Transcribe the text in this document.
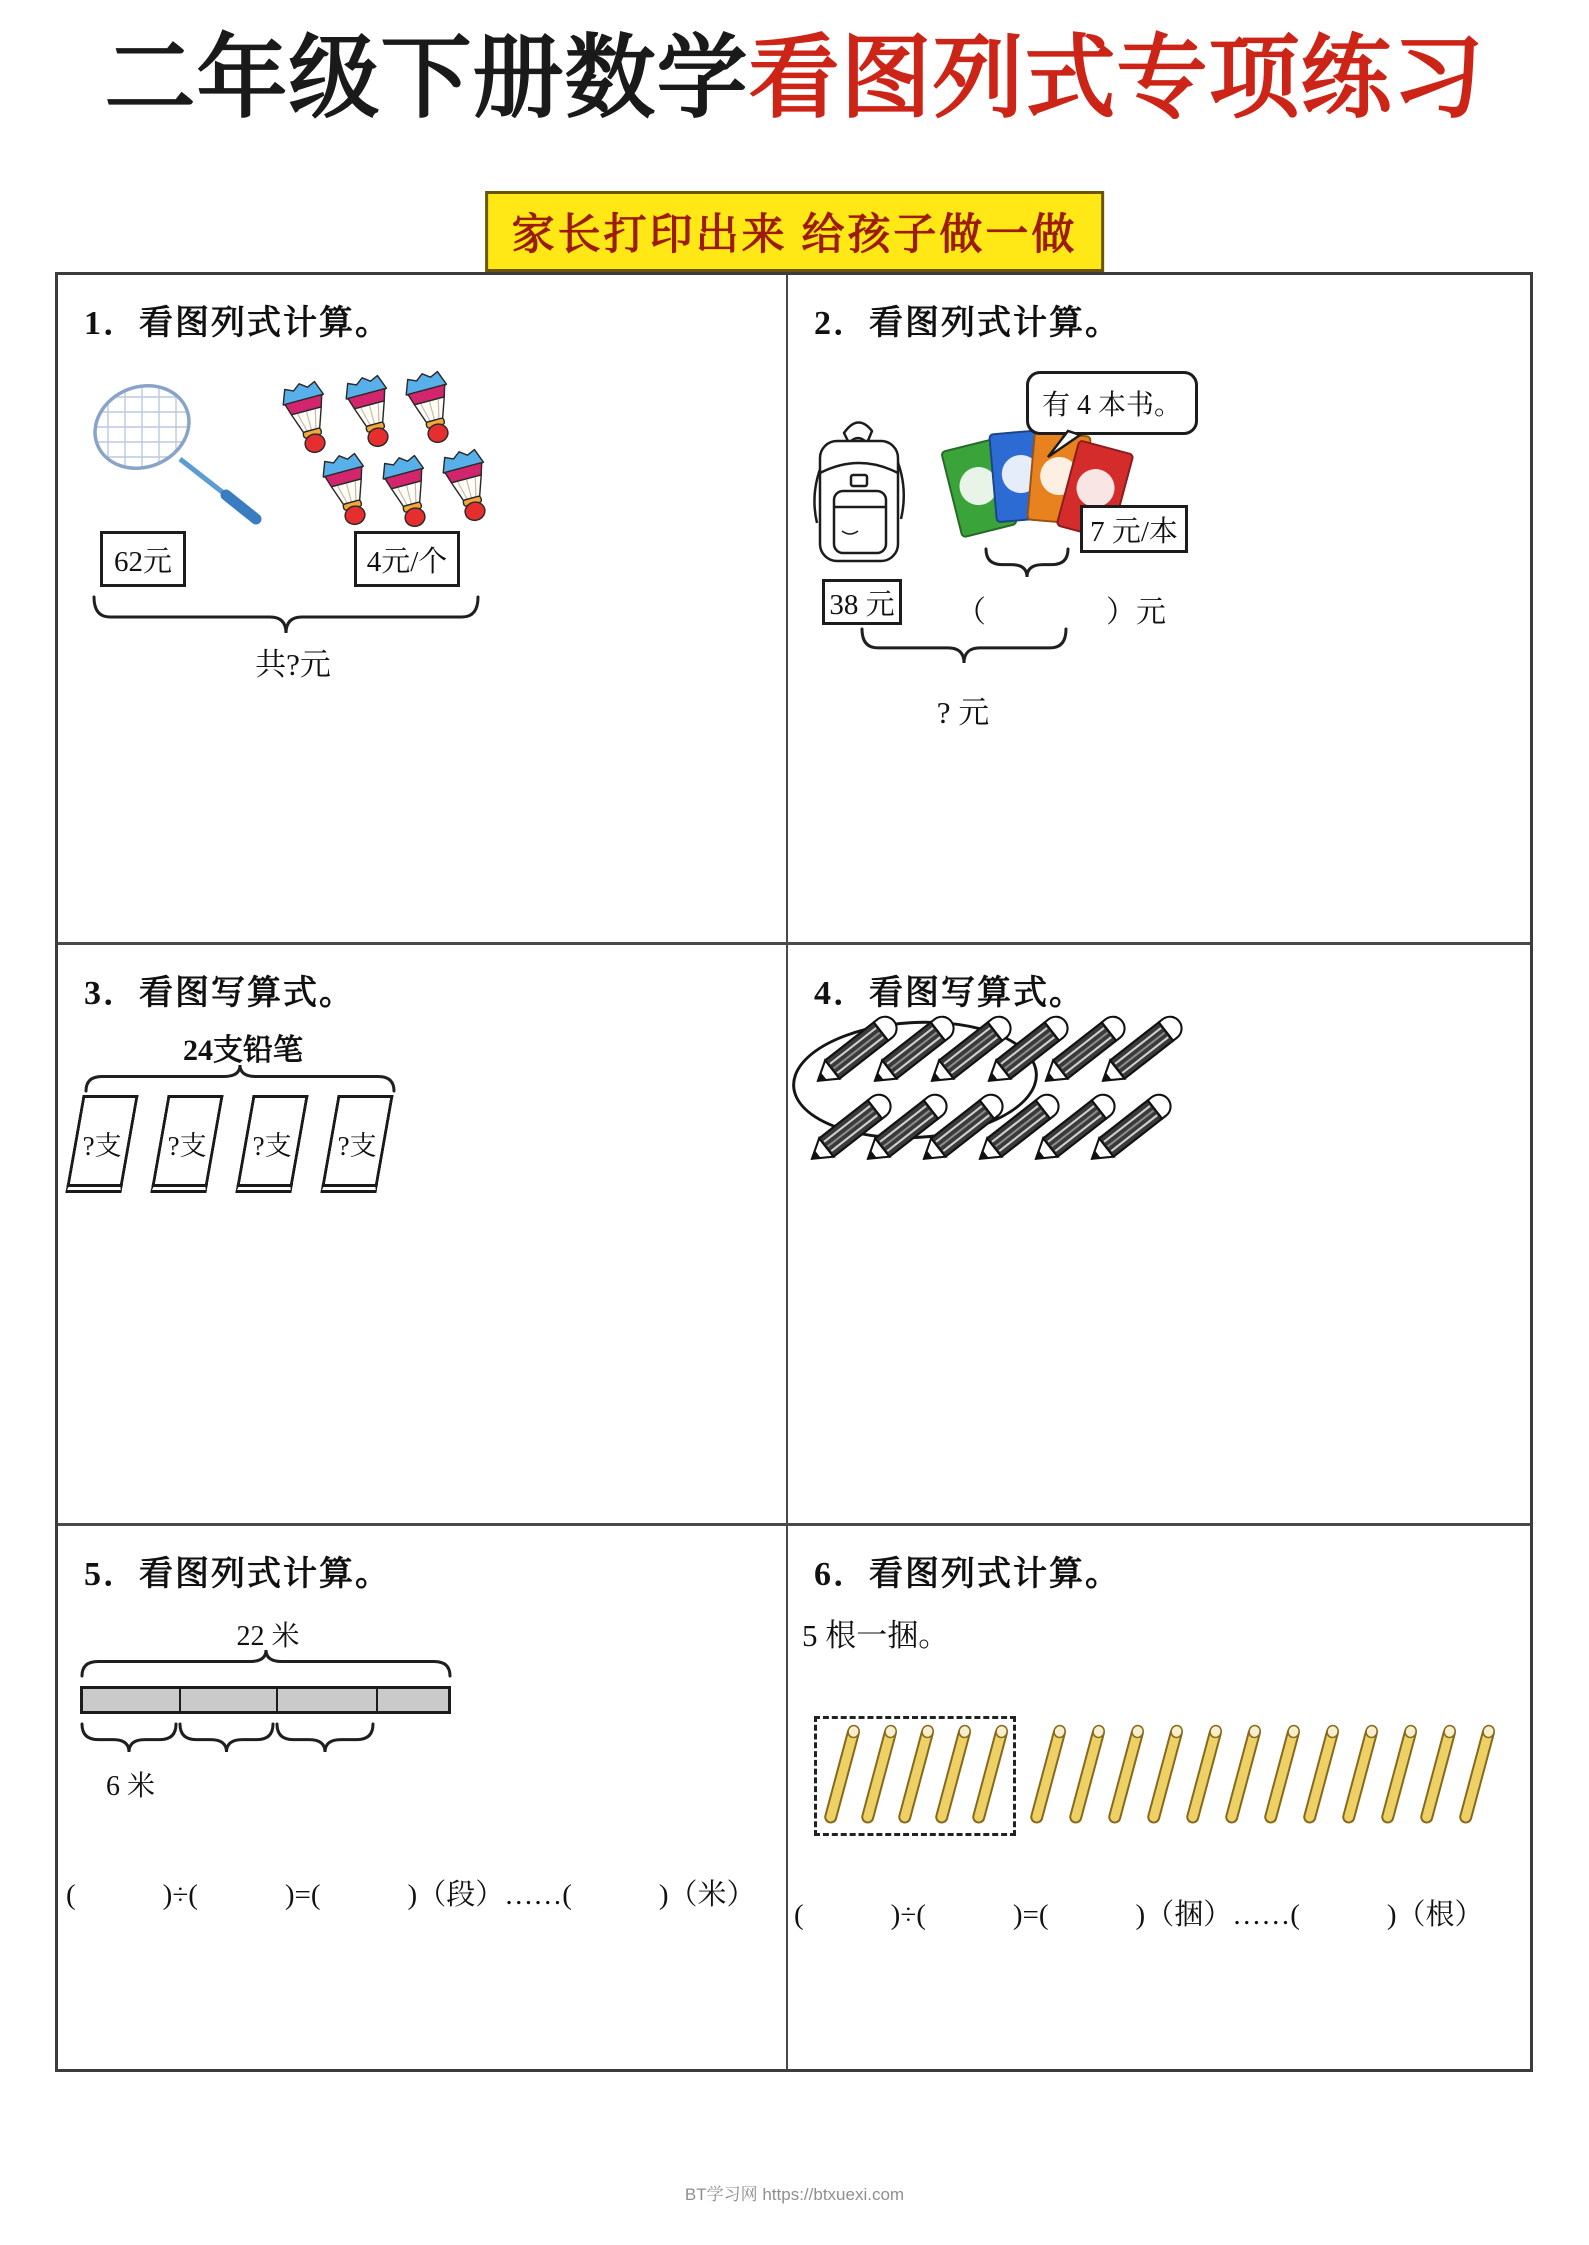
二年级下册数学看图列式专项练习
家长打印出来 给孩子做一做
1．看图列式计算。
62元	4元/个
共?元
2．看图列式计算。
有 4 本书。
7 元/本
（　　　　）元
38 元
? 元
3．看图写算式。
24支铅笔
?支 ?支 ?支 ?支
4．看图写算式。
5．看图列式计算。
22 米
6 米
(　　　)÷(　　　)=(　　　)（段）……(　　　)（米）
6．看图列式计算。
5 根一捆。
(　　　)÷(　　　)=(　　　)（捆）……(　　　)（根）
BT学习网 https://btxuexi.com
